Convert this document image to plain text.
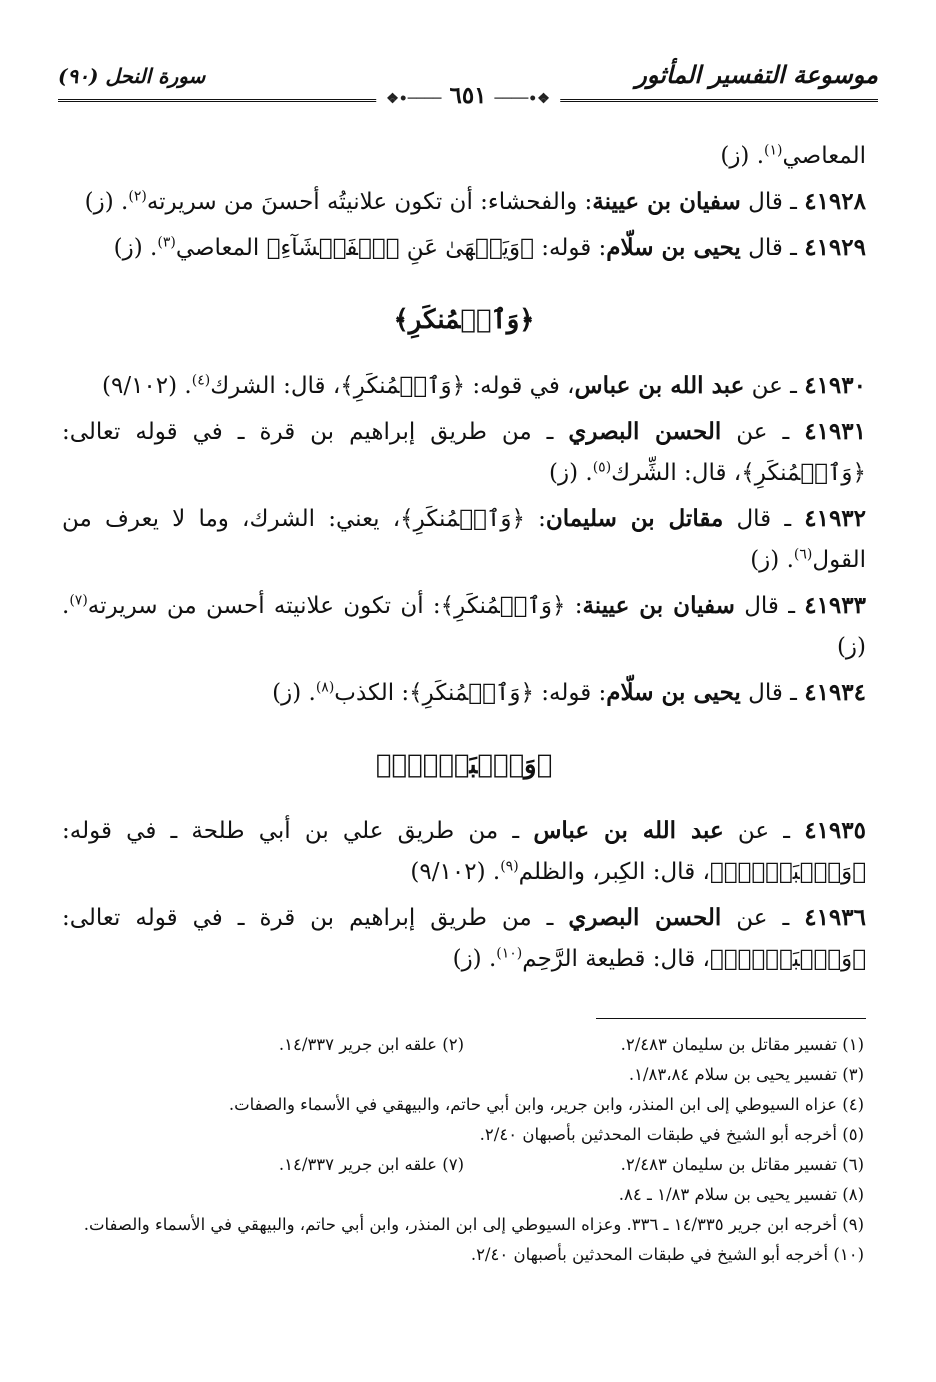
موسوعة التفسير المأثور
سورة النحل (٩٠)
❖•──── ٦٥١ ────•❖

المعاصي$^{(١)}$. (ز)

٤١٩٢٨ ـ قال سفيان بن عيينة: والفحشاء: أن تكون علانيتُه أحسنَ من سريرته$^{(٢)}$. (ز)

٤١٩٢٩ ـ قال يحيى بن سلّام: قوله: ﴿وَيَنۡهَىٰ عَنِ ٱلۡفَحۡشَآءِ﴾ المعاصي$^{(٣)}$. (ز)

﴿وَٱلۡمُنكَرِ﴾

٤١٩٣٠ ـ عن عبد الله بن عباس، في قوله: ﴿وَٱلۡمُنكَرِ﴾، قال: الشرك$^{(٤)}$. (٩/١٠٢)

٤١٩٣١ ـ عن الحسن البصري ـ من طريق إبراهيم بن قرة ـ في قوله تعالى: ﴿وَٱلۡمُنكَرِ﴾، قال: الشِّرك$^{(٥)}$. (ز)

٤١٩٣٢ ـ قال مقاتل بن سليمان: ﴿وَٱلۡمُنكَرِ﴾، يعني: الشرك، وما لا يعرف من القول$^{(٦)}$. (ز)

٤١٩٣٣ ـ قال سفيان بن عيينة: ﴿وَٱلۡمُنكَرِ﴾: أن تكون علانيته أحسن من سريرته$^{(٧)}$. (ز)

٤١٩٣٤ ـ قال يحيى بن سلّام: قوله: ﴿وَٱلۡمُنكَرِ﴾: الكذب$^{(٨)}$. (ز)

﴿وَٱلۡبَغۡيِۚ﴾

٤١٩٣٥ ـ عن عبد الله بن عباس ـ من طريق علي بن أبي طلحة ـ في قوله: ﴿وَٱلۡبَغۡيِۚ﴾، قال: الكِبر، والظلم$^{(٩)}$. (٩/١٠٢)

٤١٩٣٦ ـ عن الحسن البصري ـ من طريق إبراهيم بن قرة ـ في قوله تعالى: ﴿وَٱلۡبَغۡيِۚ﴾، قال: قطيعة الرَّحِم$^{(١٠)}$. (ز)

(١) تفسير مقاتل بن سليمان ٢/٤٨٣.
(٢) علقه ابن جرير ١٤/٣٣٧.
(٣) تفسير يحيى بن سلام ١/٨٣،٨٤.
(٤) عزاه السيوطي إلى ابن المنذر، وابن جرير، وابن أبي حاتم، والبيهقي في الأسماء والصفات.
(٥) أخرجه أبو الشيخ في طبقات المحدثين بأصبهان ٢/٤٠.
(٦) تفسير مقاتل بن سليمان ٢/٤٨٣.
(٧) علقه ابن جرير ١٤/٣٣٧.
(٨) تفسير يحيى بن سلام ١/٨٣ ـ ٨٤.
(٩) أخرجه ابن جرير ١٤/٣٣٥ ـ ٣٣٦. وعزاه السيوطي إلى ابن المنذر، وابن أبي حاتم، والبيهقي في الأسماء والصفات.
(١٠) أخرجه أبو الشيخ في طبقات المحدثين بأصبهان ٢/٤٠.
